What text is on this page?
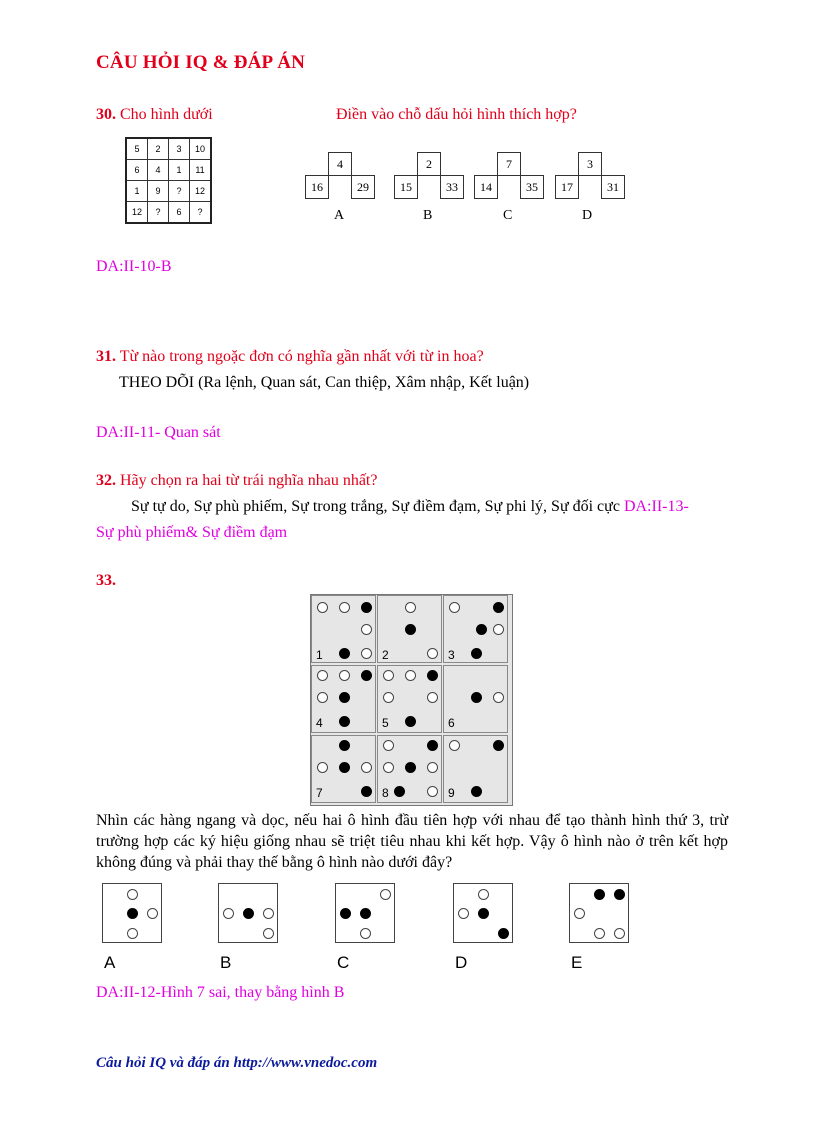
CÂU HỎI IQ & ĐÁP ÁN
30. Cho hình dưới	Điền vào chỗ dấu hỏi hình thích hợp?
5	2	3	10
6	4	1	11
1	9	?	12
12	?	6	?
4
16	29
2
15	33
7
14	35
3
17	31
A	B	C	D
DA:II-10-B
31. Từ nào trong ngoặc đơn có nghĩa gần nhất với từ in hoa?
THEO DÕI (Ra lệnh, Quan sát, Can thiệp, Xâm nhập, Kết luận)
DA:II-11- Quan sát
32. Hãy chọn ra hai từ trái nghĩa nhau nhất?
Sự tự do, Sự phù phiếm, Sự trong trắng, Sự điềm đạm, Sự phi lý, Sự đối cực DA:II-13-
Sự phù phiếm& Sự điềm đạm
33.
1	2	3
4	5	6
7	8	9
Nhìn các hàng ngang và dọc, nếu hai ô hình đầu tiên hợp với nhau để tạo thành hình thứ 3, trừ trường hợp các ký hiệu giống nhau sẽ triệt tiêu nhau khi kết hợp. Vậy ô hình nào ở trên kết hợp không đúng và phải thay thế bằng ô hình nào dưới đây?
A	B	C	D	E
DA:II-12-Hình 7 sai, thay bằng hình B
Câu hỏi IQ và đáp án http://www.vnedoc.com
